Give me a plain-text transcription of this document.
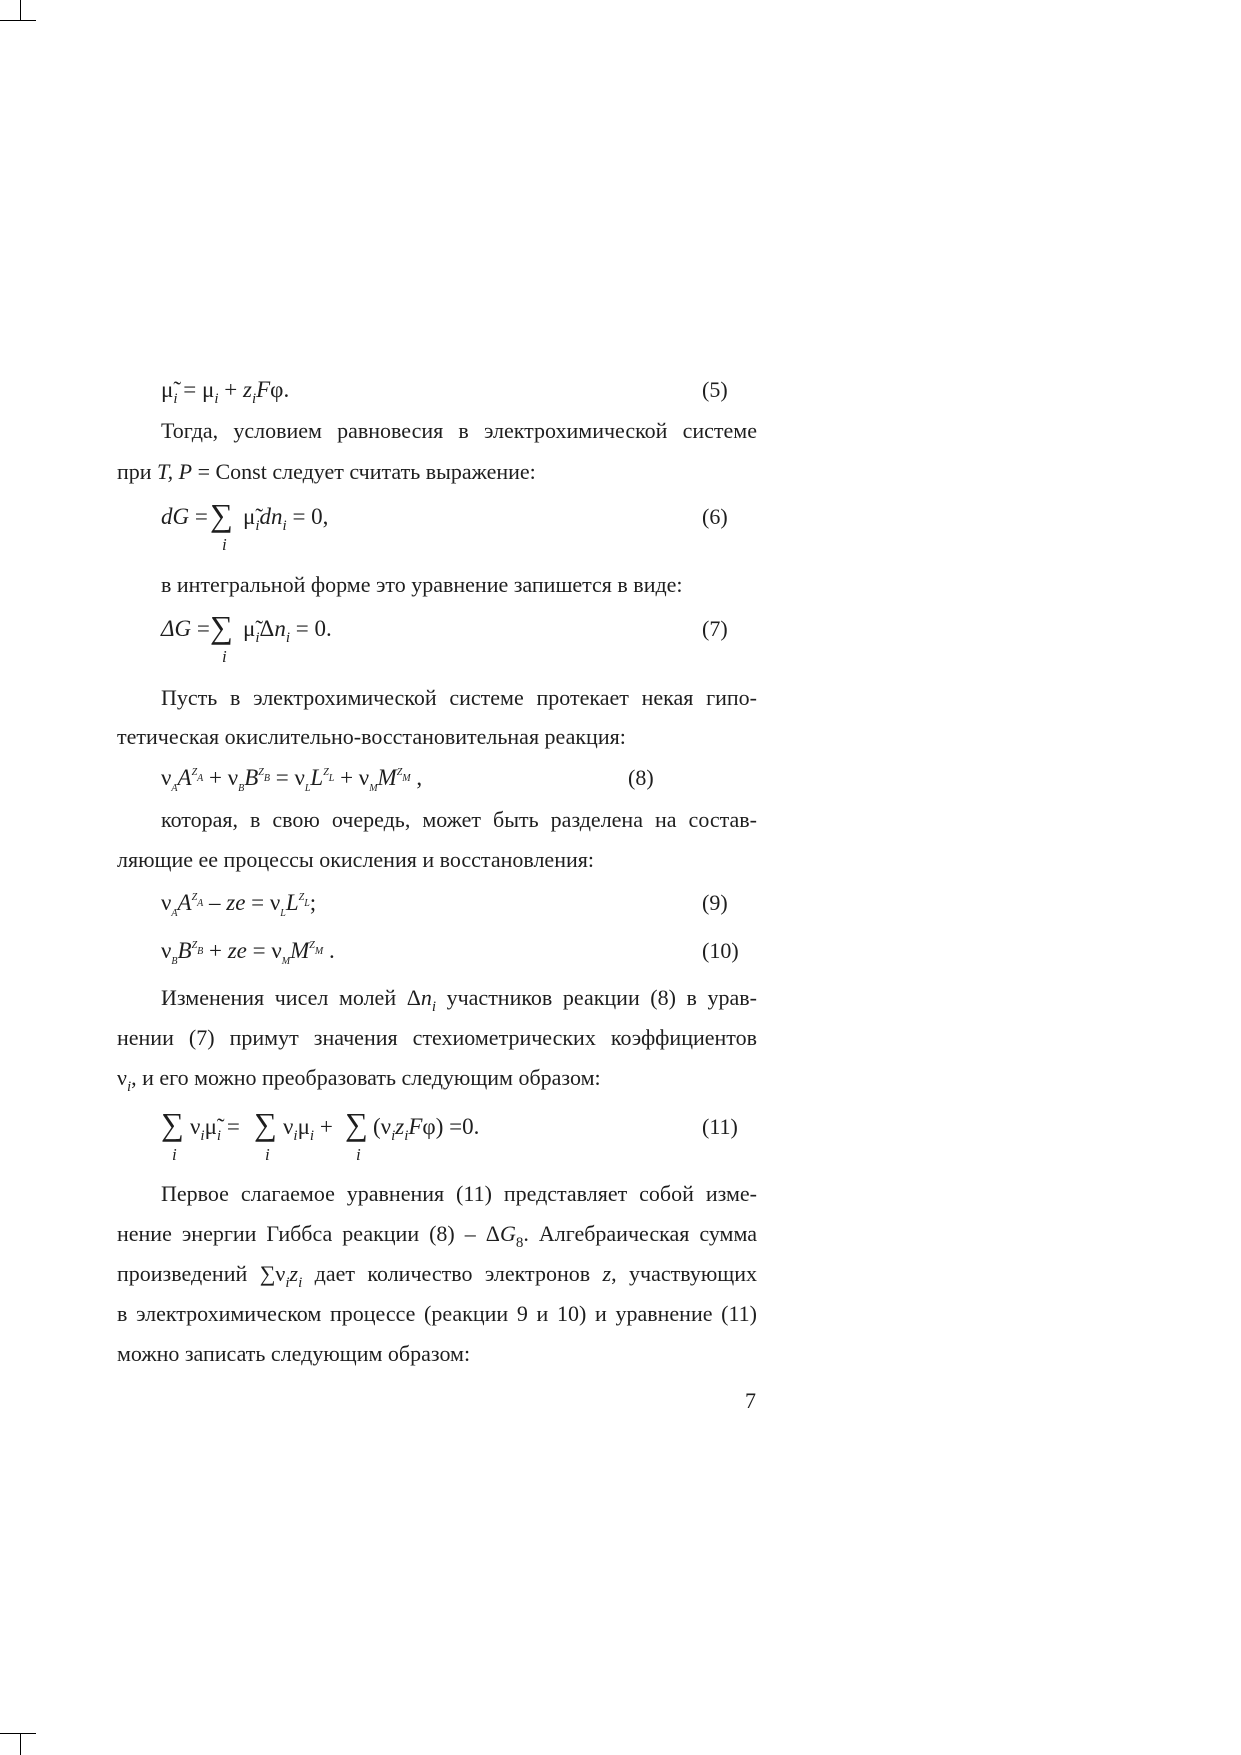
$\mũ_i = \mu_i + z_iF\varphi$.	(5)
Тогда, условием равновесия в электрохимической системе
при T, P = Const следует считать выражение:
dG = ∑
i
$\mũ_idn_i = 0$,	(6)
в интегральной форме это уравнение запишется в виде:
ΔG = ∑
i
$\mũ_i\Delta n_i = 0$.	(7)
Пусть в электрохимической системе протекает некая гипо-
тетическая окислительно-восстановительная реакция:
$\nu_AA^{Z_A} + \nu_BB^{Z_B} = \nu_LL^{Z_L} + \nu_MM^{Z_M}$ ,	(8)
которая, в свою очередь, может быть разделена на состав-
ляющие ее процессы окисления и восстановления:
$\nu_AA^{Z_A}$ – ze = $\nu_LL^{Z_L}$;	(9)
$\nu_BB^{Z_B}$ + ze = $\nu_MM^{Z_M}$ .	(10)
Изменения чисел молей $\Delta n_i$ участников реакции (8) в урав-
нении (7) примут значения стехиометрических коэффициентов
$\nu_i$, и его можно преобразовать следующим образом:
∑
i
$\nu_i\mũ_i$ = ∑
i
$\nu_i\mu_i$ + ∑
i
$(\nu_iz_iF\varphi) =0$.	(11)
Первое слагаемое уравнения (11) представляет собой изме-
нение энергии Гиббса реакции $(8) - \Delta G_8$. Алгебраическая сумма
произведений $\sum\nu_iz_i$ дает количество электронов z, участвующих
в электрохимическом процессе (реакции 9 и 10) и уравнение (11)
можно записать следующим образом:
7
